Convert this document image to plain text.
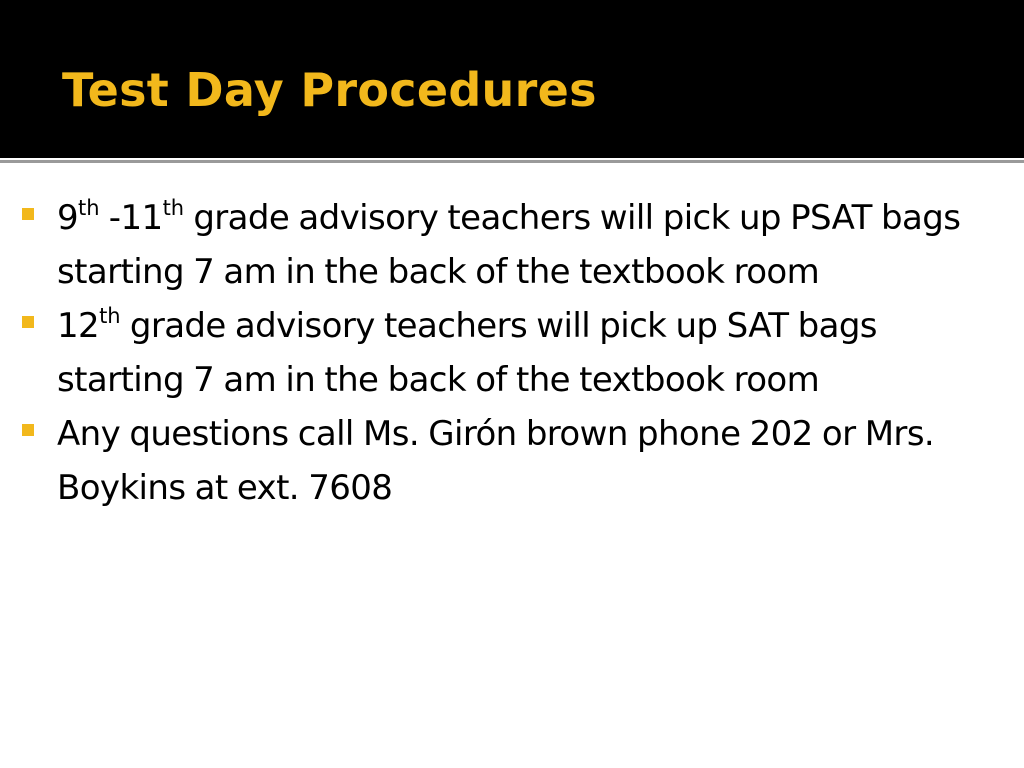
Test Day Procedures
9th -11th grade advisory teachers will pick up PSAT bags starting 7 am in the back of the textbook room
12th grade advisory teachers will pick up SAT bags starting 7 am in the back of the textbook room
Any questions call Ms. Girón brown phone 202 or Mrs. Boykins at ext. 7608
